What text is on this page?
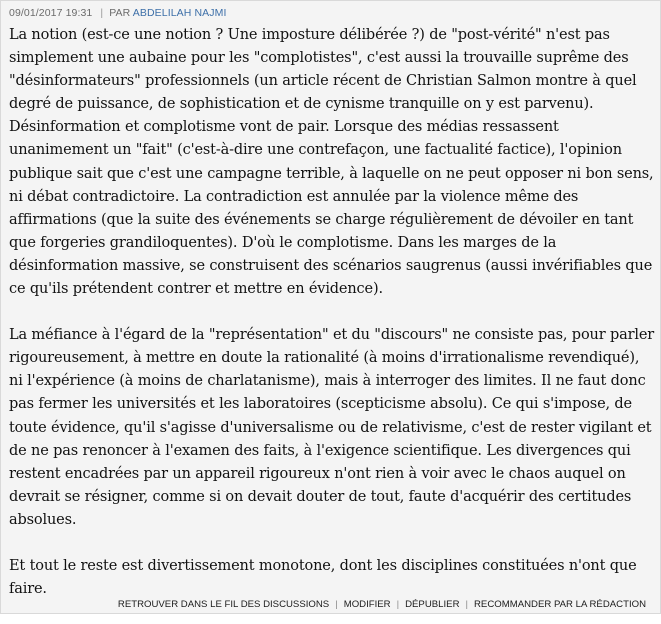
09/01/2017 19:31 | PAR ABDELILAH NAJMI

La notion (est-ce une notion ? Une imposture délibérée ?) de "post-vérité" n'est pas simplement une aubaine pour les "complotistes", c'est aussi la trouvaille suprême des "désinformateurs" professionnels (un article récent de Christian Salmon montre à quel degré de puissance, de sophistication et de cynisme tranquille on y est parvenu). Désinformation et complotisme vont de pair. Lorsque des médias ressassent unanimement un "fait" (c'est-à-dire une contrefaçon, une factualité factice), l'opinion publique sait que c'est une campagne terrible, à laquelle on ne peut opposer ni bon sens, ni débat contradictoire. La contradiction est annulée par la violence même des affirmations (que la suite des événements se charge régulièrement de dévoiler en tant que forgeries grandiloquentes). D'où le complotisme. Dans les marges de la désinformation massive, se construisent des scénarios saugrenus (aussi invérifiables que ce qu'ils prétendent contrer et mettre en évidence).

La méfiance à l'égard de la "représentation" et du "discours" ne consiste pas, pour parler rigoureusement, à mettre en doute la rationalité (à moins d'irrationalisme revendiqué), ni l'expérience (à moins de charlatanisme), mais à interroger des limites. Il ne faut donc pas fermer les universités et les laboratoires (scepticisme absolu). Ce qui s'impose, de toute évidence, qu'il s'agisse d'universalisme ou de relativisme, c'est de rester vigilant et de ne pas renoncer à l'examen des faits, à l'exigence scientifique. Les divergences qui restent encadrées par un appareil rigoureux n'ont rien à voir avec le chaos auquel on devrait se résigner, comme si on devait douter de tout, faute d'acquérir des certitudes absolues.

Et tout le reste est divertissement monotone, dont les disciplines constituées n'ont que faire.

RETROUVER DANS LE FIL DES DISCUSSIONS | MODIFIER | DÉPUBLIER | RECOMMANDER PAR LA RÉDACTION
